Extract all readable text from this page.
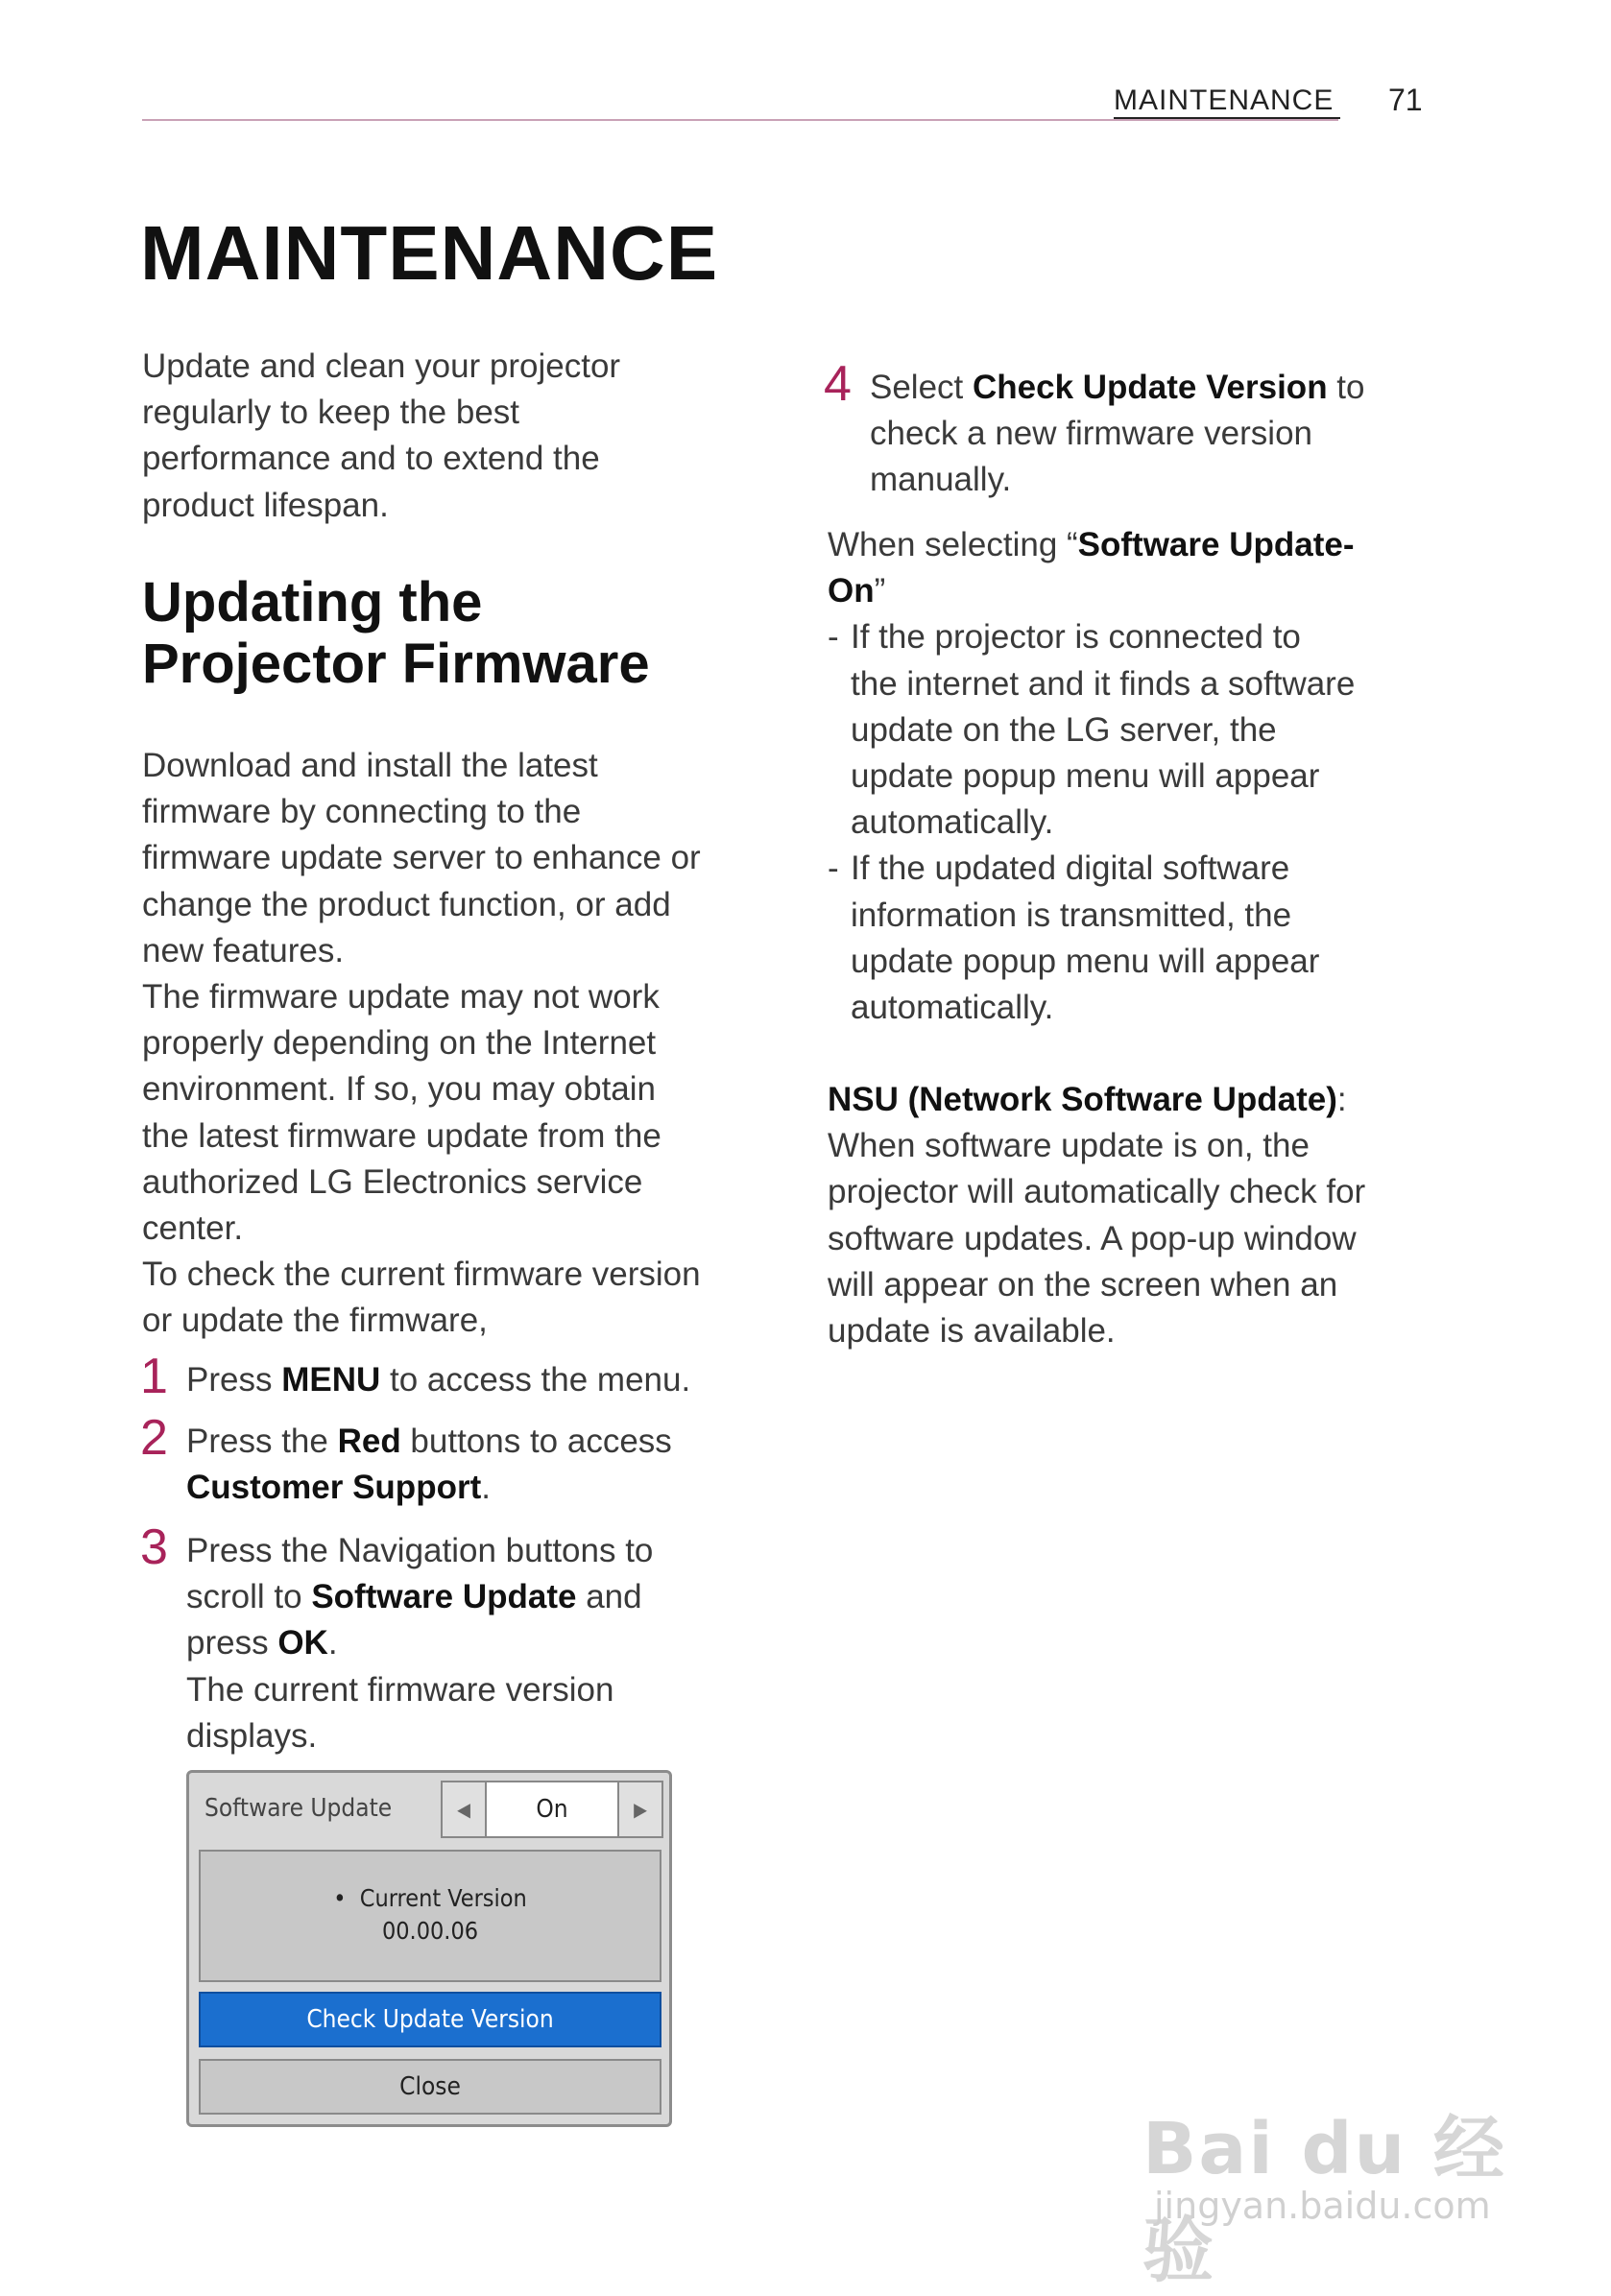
MAINTENANCE 71
MAINTENANCE
Update and clean your projector
regularly to keep the best
performance and to extend the
product lifespan.
Updating the
Projector Firmware
Download and install the latest
firmware by connecting to the
firmware update server to enhance or
change the product function, or add
new features.
The firmware update may not work
properly depending on the Internet
environment. If so, you may obtain
the latest firmware update from the
authorized LG Electronics service
center.
To check the current firmware version
or update the firmware,
1 Press MENU to access the menu.
2 Press the Red buttons to access
Customer Support.
3 Press the Navigation buttons to
scroll to Software Update and
press OK.
The current firmware version
displays.
Software Update	◀	On	▶
• Current Version
00.00.06
Check Update Version
Close
4 Select Check Update Version to
check a new firmware version
manually.
When selecting “Software Update-
On”
- If the projector is connected to
the internet and it finds a software
update on the LG server, the
update popup menu will appear
automatically.
- If the updated digital software
information is transmitted, the
update popup menu will appear
automatically.
NSU (Network Software Update):
When software update is on, the
projector will automatically check for
software updates. A pop-up window
will appear on the screen when an
update is available.
Bai du 经验
jingyan.baidu.com
